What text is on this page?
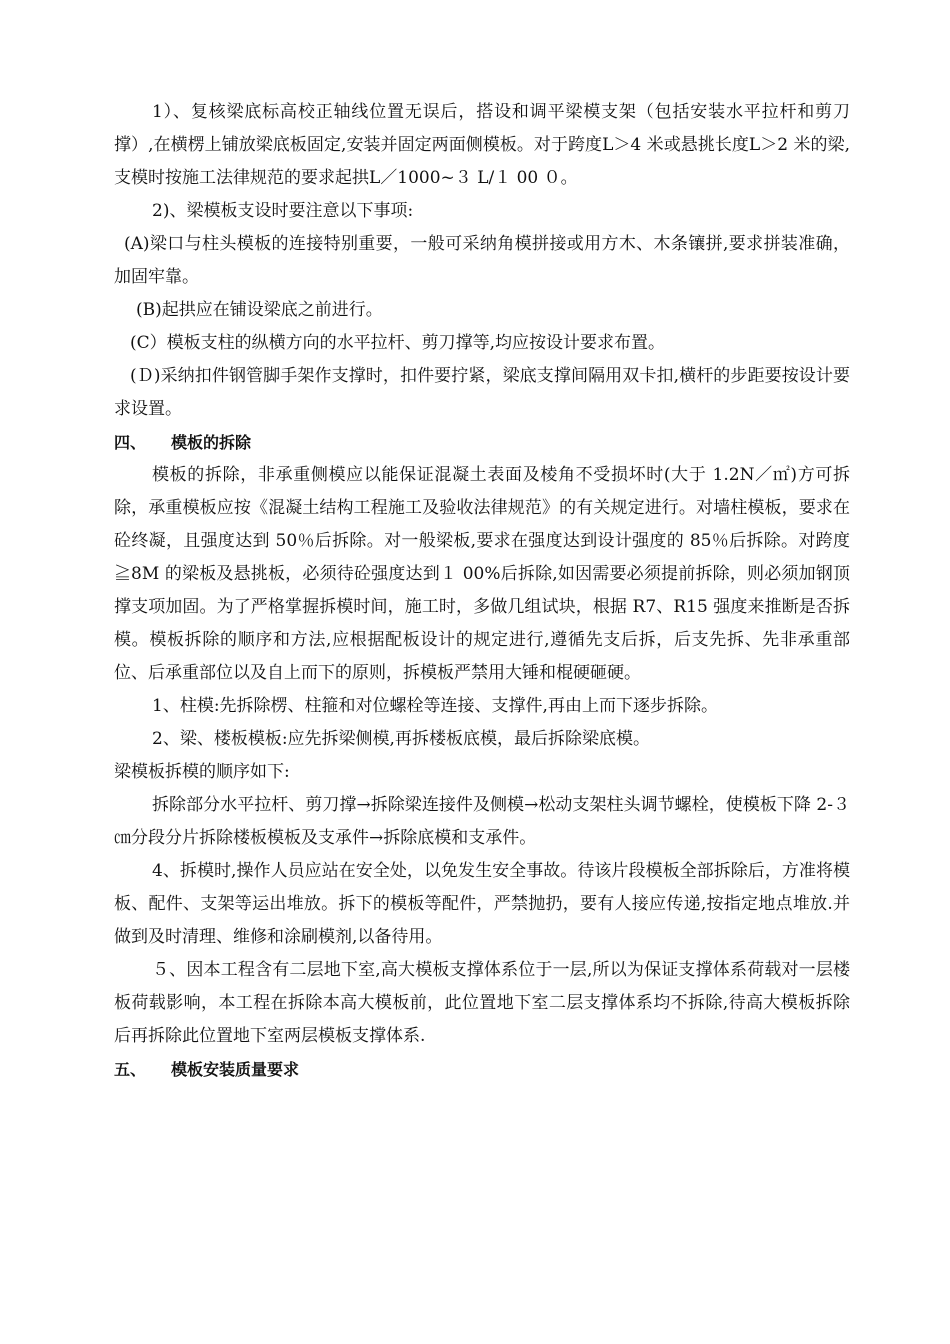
1）、复核梁底标高校正轴线位置无误后，搭设和调平梁模支架（包括安装水平拉杆和剪刀撑）,在横楞上铺放梁底板固定,安装并固定两面侧模板。对于跨度L＞4 米或悬挑长度L＞2 米的梁,支模时按施工法律规范的要求起拱L／1000~３ L/１ 00 ０。

2)、梁模板支设时要注意以下事项:

(A)梁口与柱头模板的连接特别重要，一般可采纳角模拼接或用方木、木条镶拼,要求拼装准确，加固牢靠。

(B)起拱应在铺设梁底之前进行。

(C）模板支柱的纵横方向的水平拉杆、剪刀撑等,均应按设计要求布置。

(Ｄ)采纳扣件钢管脚手架作支撑时，扣件要拧紧，梁底支撑间隔用双卡扣,横杆的步距要按设计要求设置。

四、	模板的拆除

模板的拆除，非承重侧模应以能保证混凝土表面及棱角不受损坏时(大于 1.2N／㎡)方可拆除，承重模板应按《混凝土结构工程施工及验收法律规范》的有关规定进行。对墙柱模板，要求在砼终凝，且强度达到 50％后拆除。对一般梁板,要求在强度达到设计强度的 85％后拆除。对跨度≧8M 的梁板及悬挑板，必须待砼强度达到１ 00%后拆除,如因需要必须提前拆除，则必须加钢顶撑支项加固。为了严格掌握拆模时间，施工时，多做几组试块，根据 R7、R15 强度来推断是否拆模。模板拆除的顺序和方法,应根据配板设计的规定进行,遵循先支后拆，后支先拆、先非承重部位、后承重部位以及自上而下的原则，拆模板严禁用大锤和棍硬砸硬。

1、柱模:先拆除楞、柱箍和对位螺栓等连接、支撑件,再由上而下逐步拆除。

2、梁、楼板模板:应先拆梁侧模,再拆楼板底模，最后拆除梁底模。

梁模板拆模的顺序如下:

拆除部分水平拉杆、剪刀撑→拆除梁连接件及侧模→松动支架柱头调节螺栓，使模板下降 2-３㎝分段分片拆除楼板模板及支承件→拆除底模和支承件。

4、拆模时,操作人员应站在安全处，以免发生安全事故。待该片段模板全部拆除后，方准将模板、配件、支架等运出堆放。拆下的模板等配件，严禁抛扔，要有人接应传递,按指定地点堆放.并做到及时清理、维修和涂刷模剂,以备待用。

５、因本工程含有二层地下室,高大模板支撑体系位于一层,所以为保证支撑体系荷载对一层楼板荷载影响，本工程在拆除本高大模板前，此位置地下室二层支撑体系均不拆除,待高大模板拆除后再拆除此位置地下室两层模板支撑体系.

五、	模板安装质量要求
